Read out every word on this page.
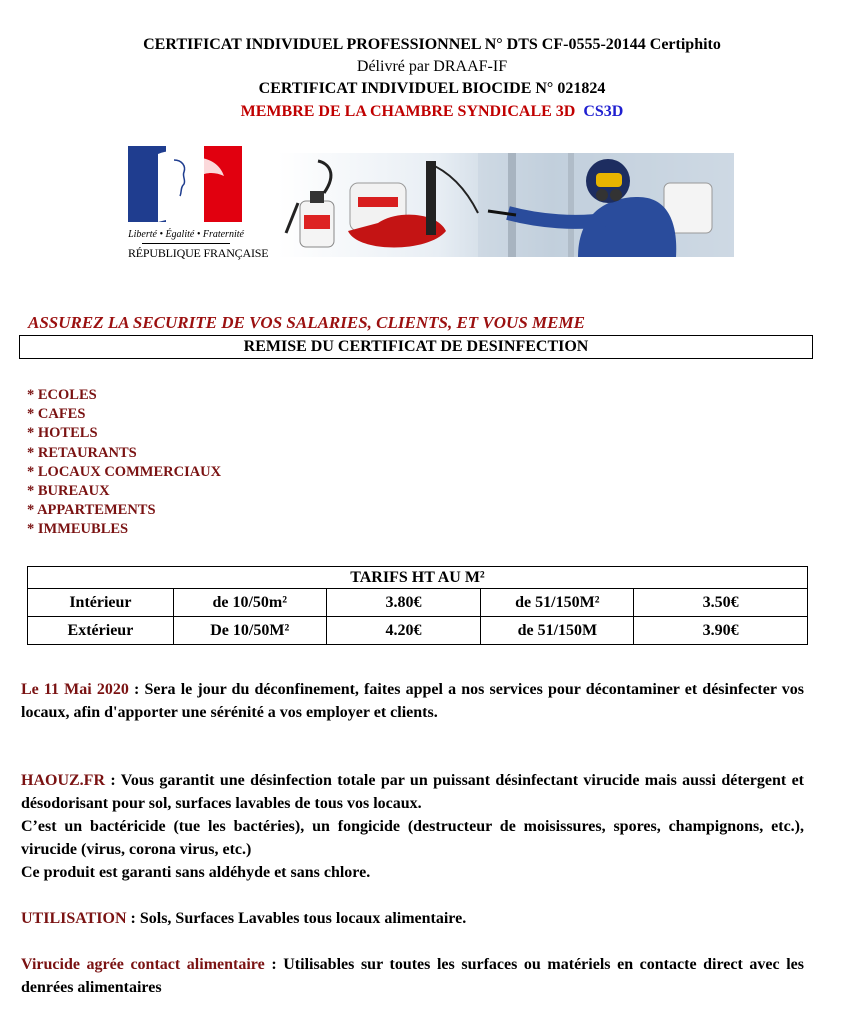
CERTIFICAT INDIVIDUEL PROFESSIONNEL N° DTS CF-0555-20144 Certiphito
Délivré par DRAAF-IF
CERTIFICAT INDIVIDUEL BIOCIDE N° 021824
MEMBRE DE LA CHAMBRE SYNDICALE 3D CS3D
Liberté • Égalité • Fraternité
RÉPUBLIQUE FRANÇAISE
ASSUREZ LA SECURITE DE VOS SALARIES, CLIENTS, ET VOUS MEME
REMISE DU CERTIFICAT DE DESINFECTION
* ECOLES
* CAFES
* HOTELS
* RETAURANTS
* LOCAUX COMMERCIAUX
* BUREAUX
* APPARTEMENTS
* IMMEUBLES
TARIFS HT AU M²				
Intérieur	de 10/50m²	3.80€	de 51/150M²	3.50€
Extérieur	De 10/50M²	4.20€	de 51/150M	3.90€

Le 11 Mai 2020 : Sera le jour du déconfinement, faites appel a nos services pour décontaminer et désinfecter vos locaux, afin d'apporter une sérénité a vos employer et clients.

HAOUZ.FR : Vous garantit une désinfection totale par un puissant désinfectant virucide mais aussi détergent et désodorisant pour sol, surfaces lavables de tous vos locaux.

C’est un bactéricide (tue les bactéries), un fongicide (destructeur de moisissures, spores, champignons, etc.), virucide (virus, corona virus, etc.)

Ce produit est garanti sans aldéhyde et sans chlore.

UTILISATION : Sols, Surfaces Lavables tous locaux alimentaire.

Virucide agrée contact alimentaire : Utilisables sur toutes les surfaces ou matériels en contacte direct avec les denrées alimentaires
